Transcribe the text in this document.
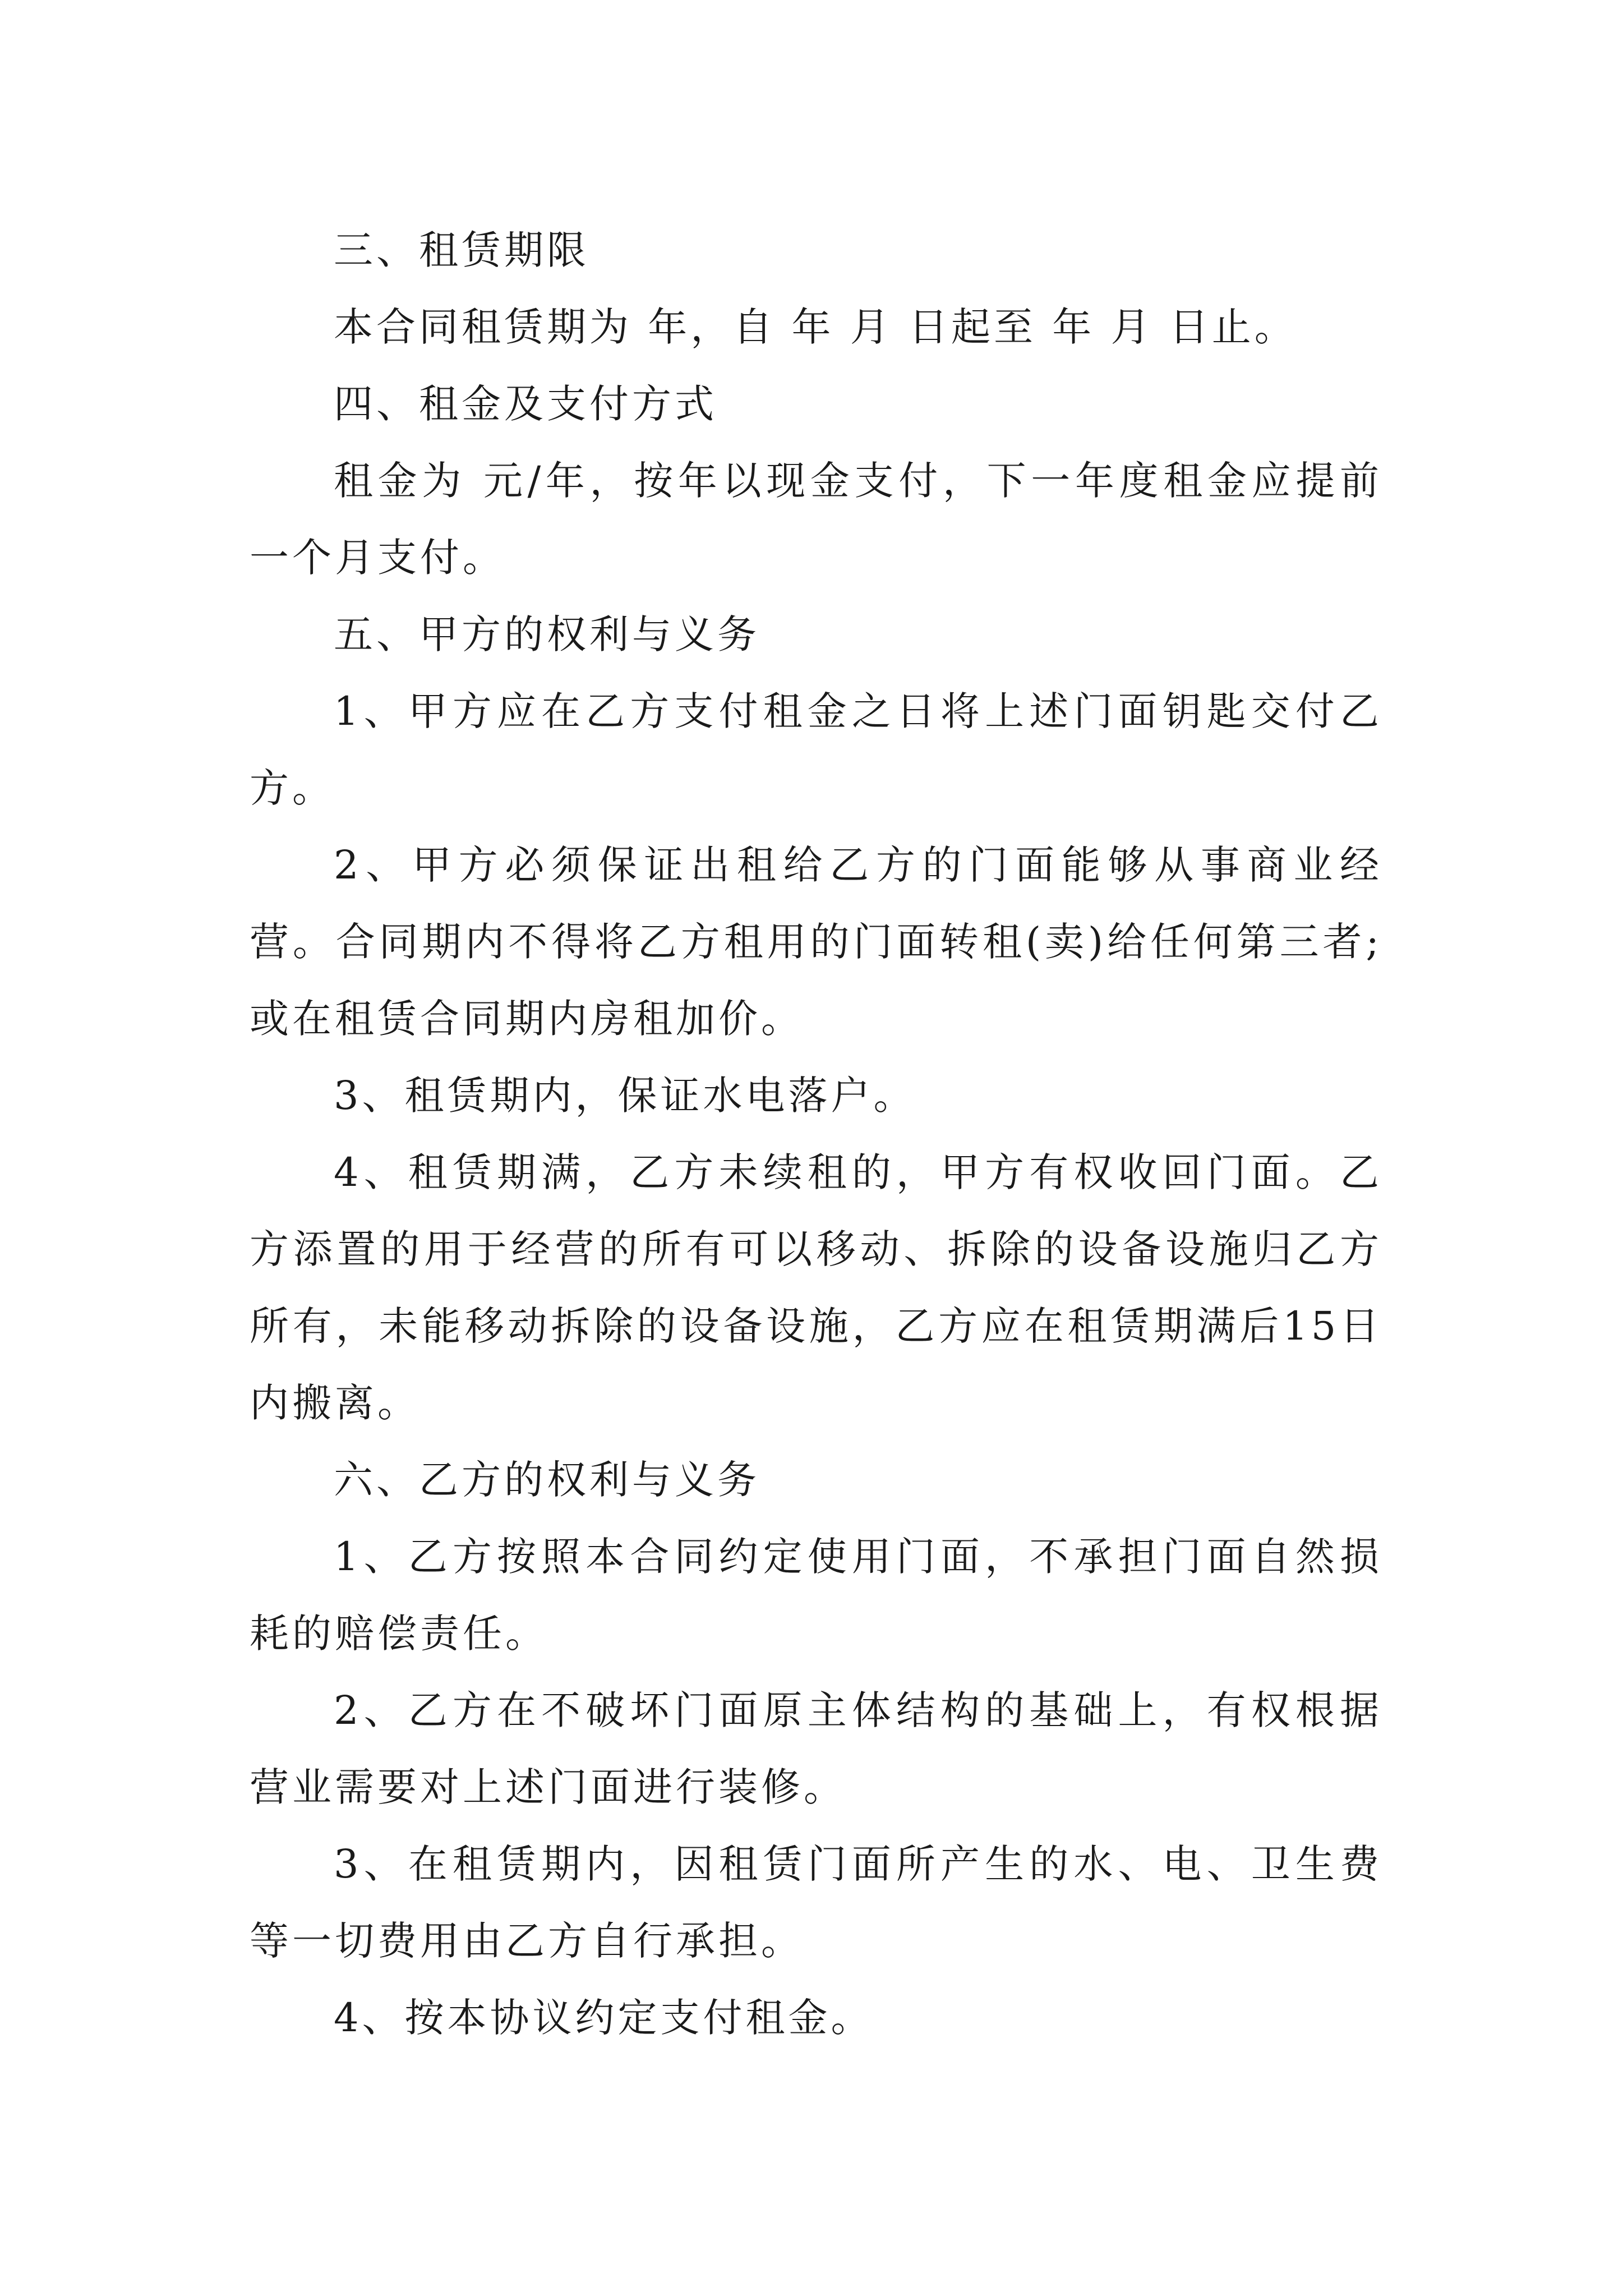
三、租赁期限

本合同租赁期为 年，自 年 月 日起至 年 月 日止。

四、租金及支付方式

租金为 元/年，按年以现金支付，下一年度租金应提前一个月支付。

五、甲方的权利与义务

1、甲方应在乙方支付租金之日将上述门面钥匙交付乙方。

2、甲方必须保证出租给乙方的门面能够从事商业经营。合同期内不得将乙方租用的门面转租(卖)给任何第三者;或在租赁合同期内房租加价。

3、租赁期内，保证水电落户。

4、租赁期满，乙方未续租的，甲方有权收回门面。乙方添置的用于经营的所有可以移动、拆除的设备设施归乙方所有，未能移动拆除的设备设施，乙方应在租赁期满后15日内搬离。

六、乙方的权利与义务

1、乙方按照本合同约定使用门面，不承担门面自然损耗的赔偿责任。

2、乙方在不破坏门面原主体结构的基础上，有权根据营业需要对上述门面进行装修。

3、在租赁期内，因租赁门面所产生的水、电、卫生费等一切费用由乙方自行承担。

4、按本协议约定支付租金。
